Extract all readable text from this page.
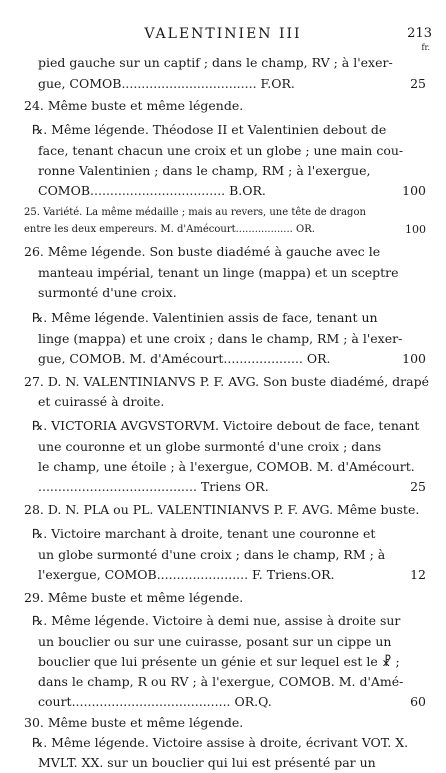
VALENTINIEN III	213
fr.
pied gauche sur un captif ; dans le champ, RV ; à l'exer-
gue, COMOB.................................. F.OR.	25
24. Même buste et même légende.
℞. Même légende. Théodose II et Valentinien debout de
face, tenant chacun une croix et un globe ; une main cou-
ronne Valentinien ; dans le champ, RM ; à l'exergue,
COMOB.................................. B.OR.	100
25. Variété. La même médaille ; mais au revers, une tête de dragon
entre les deux empereurs. M. d'Amécourt.................. OR.	100
26. Même légende. Son buste diadémé à gauche avec le
manteau impérial, tenant un linge (mappa) et un sceptre
surmonté d'une croix.
℞. Même légende. Valentinien assis de face, tenant un
linge (mappa) et une croix ; dans le champ, RM ; à l'exer-
gue, COMOB. M. d'Amécourt.................... OR.	100
27. D. N. VALENTINIANVS P. F. AVG. Son buste diadémé, drapé
et cuirassé à droite.
℞. VICTORIA AVGVSTORVM. Victoire debout de face, tenant
une couronne et un globe surmonté d'une croix ; dans
le champ, une étoile ; à l'exergue, COMOB. M. d'Amécourt.
........................................ Triens OR.	25
28. D. N. PLA ou PL. VALENTINIANVS P. F. AVG. Même buste.
℞. Victoire marchant à droite, tenant une couronne et
un globe surmonté d'une croix ; dans le champ, RM ; à
l'exergue, COMOB....................... F. Triens.OR.	12
29. Même buste et même légende.
℞. Même légende. Victoire à demi nue, assise à droite sur
un bouclier ou sur une cuirasse, posant sur un cippe un
bouclier que lui présente un génie et sur lequel est le ☧ ;
dans le champ, R ou RV ; à l'exergue, COMOB. M. d'Amé-
court........................................ OR.Q.	60
30. Même buste et même légende.
℞. Même légende. Victoire assise à droite, écrivant VOT. X.
MVLT. XX. sur un bouclier qui lui est présenté par un
